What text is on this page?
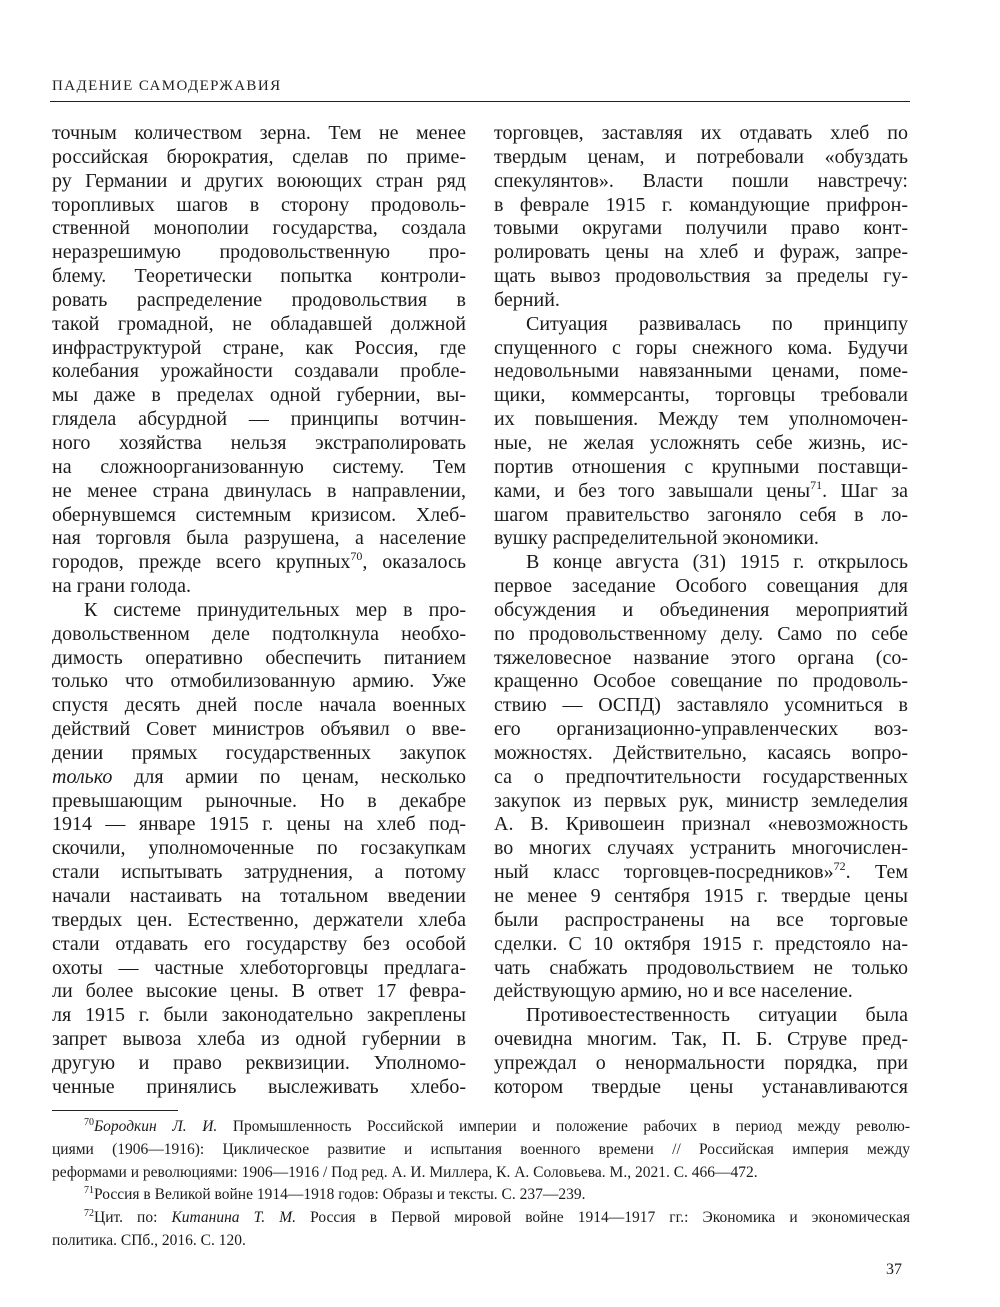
ПАДЕНИЕ САМОДЕРЖАВИЯ
точным количеством зерна. Тем не менее
российская бюрократия, сделав по приме-
ру Германии и других воюющих стран ряд
торопливых шагов в сторону продоволь-
ственной монополии государства, создала
неразрешимую продовольственную про-
блему. Теоретически попытка контроли-
ровать распределение продовольствия в
такой громадной, не обладавшей должной
инфраструктурой стране, как Россия, где
колебания урожайности создавали пробле-
мы даже в пределах одной губернии, вы-
глядела абсурдной — принципы вотчин-
ного хозяйства нельзя экстраполировать
на сложноорганизованную систему. Тем
не менее страна двинулась в направлении,
обернувшемся системным кризисом. Хлеб-
ная торговля была разрушена, а население
городов, прежде всего крупных$^{70}$, оказалось
на грани голода.
К системе принудительных мер в про-
довольственном деле подтолкнула необхо-
димость оперативно обеспечить питанием
только что отмобилизованную армию. Уже
спустя десять дней после начала военных
действий Совет министров объявил о вве-
дении прямых государственных закупок
только для армии по ценам, несколько
превышающим рыночные. Но в декабре
1914 — январе 1915 г. цены на хлеб под-
скочили, уполномоченные по госзакупкам
стали испытывать затруднения, а потому
начали настаивать на тотальном введении
твердых цен. Естественно, держатели хлеба
стали отдавать его государству без особой
охоты — частные хлеботорговцы предлага-
ли более высокие цены. В ответ 17 февра-
ля 1915 г. были законодательно закреплены
запрет вывоза хлеба из одной губернии в
другую и право реквизиции. Уполномо-
ченные принялись выслеживать хлебо-
торговцев, заставляя их отдавать хлеб по
твердым ценам, и потребовали «обуздать
спекулянтов». Власти пошли навстречу:
в феврале 1915 г. командующие прифрон-
товыми округами получили право конт-
ролировать цены на хлеб и фураж, запре-
щать вывоз продовольствия за пределы гу-
берний.
Ситуация развивалась по принципу
спущенного с горы снежного кома. Будучи
недовольными навязанными ценами, поме-
щики, коммерсанты, торговцы требовали
их повышения. Между тем уполномочен-
ные, не желая усложнять себе жизнь, ис-
портив отношения с крупными поставщи-
ками, и без того завышали цены$^{71}$. Шаг за
шагом правительство загоняло себя в ло-
вушку распределительной экономики.
В конце августа (31) 1915 г. открылось
первое заседание Особого совещания для
обсуждения и объединения мероприятий
по продовольственному делу. Само по себе
тяжеловесное название этого органа (со-
кращенно Особое совещание по продоволь-
ствию — ОСПД) заставляло усомниться в
его организационно-управленческих воз-
можностях. Действительно, касаясь вопро-
са о предпочтительности государственных
закупок из первых рук, министр земледелия
А. В. Кривошеин признал «невозможность
во многих случаях устранить многочислен-
ный класс торговцев-посредников»$^{72}$. Тем
не менее 9 сентября 1915 г. твердые цены
были распространены на все торговые
сделки. С 10 октября 1915 г. предстояло на-
чать снабжать продовольствием не только
действующую армию, но и все население.
Противоестественность ситуации была
очевидна многим. Так, П. Б. Струве пред-
упреждал о ненормальности порядка, при
котором твердые цены устанавливаются
$^{70}$Бородкин Л. И. Промышленность Российской империи и положение рабочих в период между револю-
циями (1906—1916): Циклическое развитие и испытания военного времени // Российская империя между
реформами и революциями: 1906—1916 / Под ред. А. И. Миллера, К. А. Соловьева. М., 2021. С. 466—472.
$^{71}$Россия в Великой войне 1914—1918 годов: Образы и тексты. С. 237—239.
$^{72}$Цит. по: Китанина Т. М. Россия в Первой мировой войне 1914—1917 гг.: Экономика и экономическая
политика. СПб., 2016. С. 120.
37
